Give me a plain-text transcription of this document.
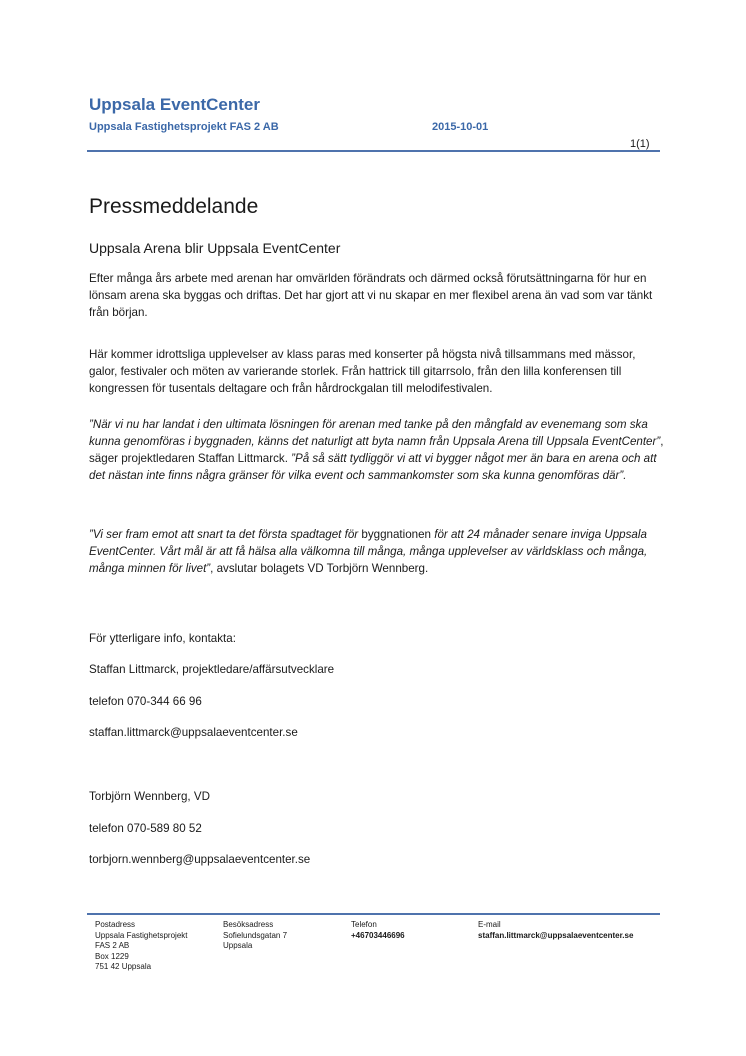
Uppsala EventCenter
Uppsala Fastighetsprojekt FAS 2 AB	2015-10-01
1(1)
Pressmeddelande
Uppsala Arena blir Uppsala EventCenter

Efter många års arbete med arenan har omvärlden förändrats och därmed också förutsättningarna för hur en lönsam arena ska byggas och driftas. Det har gjort att vi nu skapar en mer flexibel arena än vad som var tänkt från början.

Här kommer idrottsliga upplevelser av klass paras med konserter på högsta nivå tillsammans med mässor, galor, festivaler och möten av varierande storlek. Från hattrick till gitarrsolo, från den lilla konferensen till kongressen för tusentals deltagare och från hårdrockgalan till melodifestivalen.

”När vi nu har landat i den ultimata lösningen för arenan med tanke på den mångfald av evenemang som ska kunna genomföras i byggnaden, känns det naturligt att byta namn från Uppsala Arena till Uppsala EventCenter”, säger projektledaren Staffan Littmarck. ”På så sätt tydliggör vi att vi bygger något mer än bara en arena och att det nästan inte finns några gränser för vilka event och sammankomster som ska kunna genomföras där”.

”Vi ser fram emot att snart ta det första spadtaget för byggnationen för att 24 månader senare inviga Uppsala EventCenter. Vårt mål är att få hälsa alla välkomna till många, många upplevelser av världsklass och många, många minnen för livet”, avslutar bolagets VD Torbjörn Wennberg.

För ytterligare info, kontakta:
Staffan Littmarck, projektledare/affärsutvecklare
telefon 070-344 66 96
staffan.littmarck@uppsalaeventcenter.se
Torbjörn Wennberg, VD
telefon 070-589 80 52
torbjorn.wennberg@uppsalaeventcenter.se
Postadress
Uppsala Fastighetsprojekt
FAS 2 AB
Box 1229
751 42 Uppsala
Besöksadress
Sofielundsgatan 7
Uppsala
Telefon
+46703446696
E-mail
staffan.littmarck@uppsalaeventcenter.se
